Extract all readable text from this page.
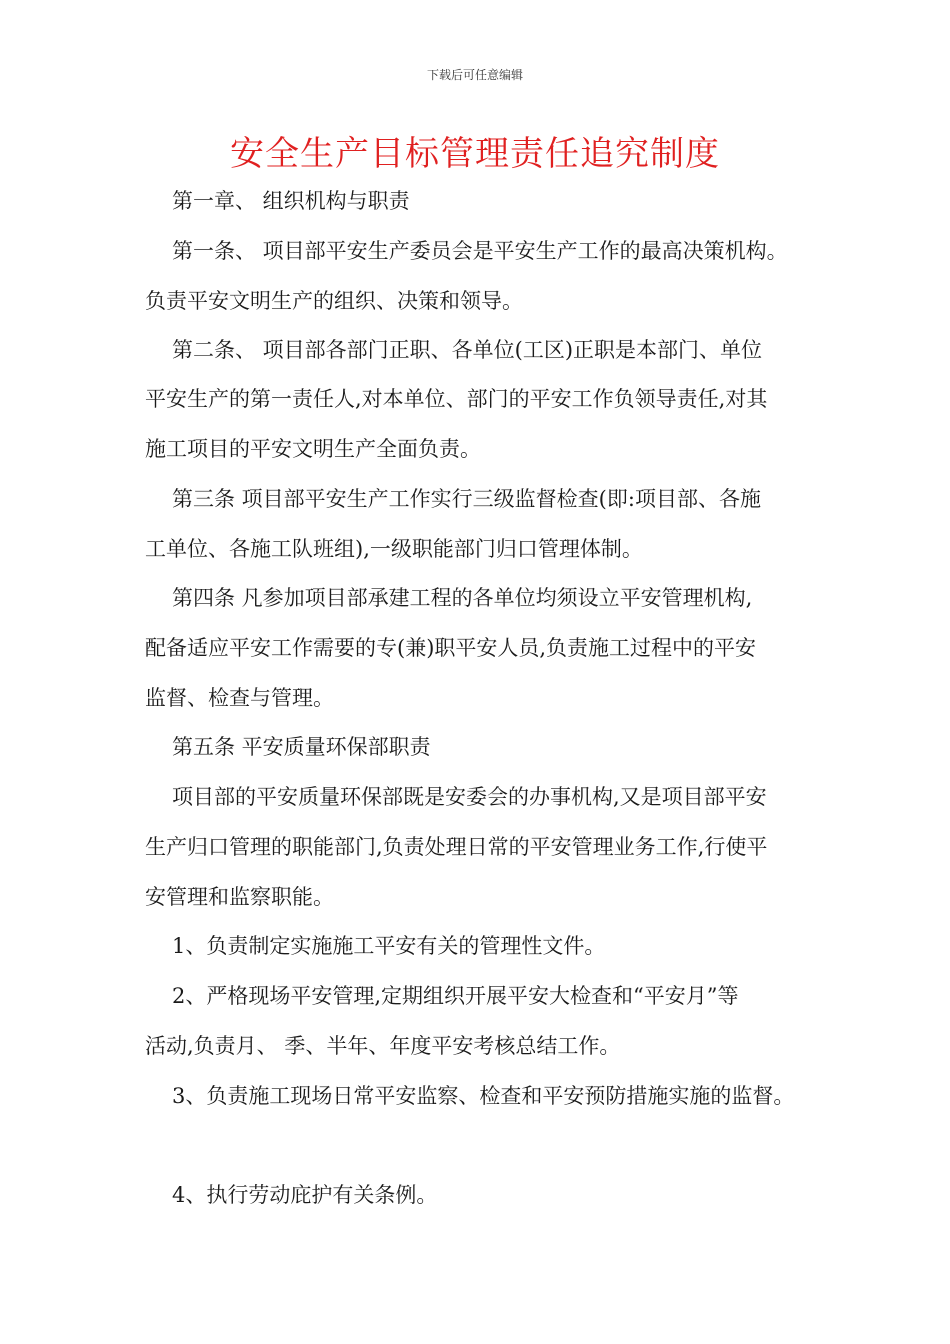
下载后可任意编辑
安全生产目标管理责任追究制度
第一章、 组织机构与职责
第一条、 项目部平安生产委员会是平安生产工作的最高决策机构。
负责平安文明生产的组织、决策和领导。
第二条、 项目部各部门正职、各单位(工区)正职是本部门、单位
平安生产的第一责任人,对本单位、部门的平安工作负领导责任,对其
施工项目的平安文明生产全面负责。
第三条 项目部平安生产工作实行三级监督检查(即:项目部、各施
工单位、各施工队班组),一级职能部门归口管理体制。
第四条 凡参加项目部承建工程的各单位均须设立平安管理机构,
配备适应平安工作需要的专(兼)职平安人员,负责施工过程中的平安
监督、检查与管理。
第五条 平安质量环保部职责
项目部的平安质量环保部既是安委会的办事机构,又是项目部平安
生产归口管理的职能部门,负责处理日常的平安管理业务工作,行使平
安管理和监察职能。
1、负责制定实施施工平安有关的管理性文件。
2、严格现场平安管理,定期组织开展平安大检查和“平安月”等
活动,负责月、 季、半年、年度平安考核总结工作。
3、负责施工现场日常平安监察、检查和平安预防措施实施的监督。
4、执行劳动庇护有关条例。
